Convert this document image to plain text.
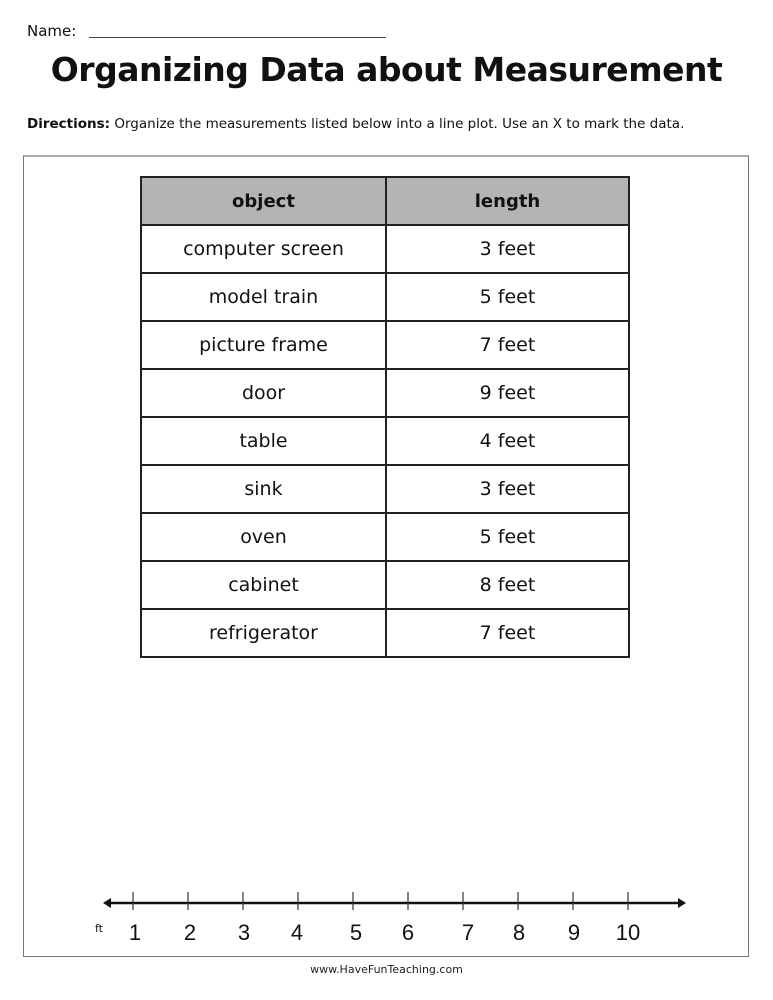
Name:
Organizing Data about Measurement
Directions: Organize the measurements listed below into a line plot. Use an X to mark the data.
object	length
computer screen	3 feet
model train	5 feet
picture frame	7 feet
door	9 feet
table	4 feet
sink	3 feet
oven	5 feet
cabinet	8 feet
refrigerator	7 feet
ft 1 2 3 4 5 6 7 8 9 10
www.HaveFunTeaching.com
